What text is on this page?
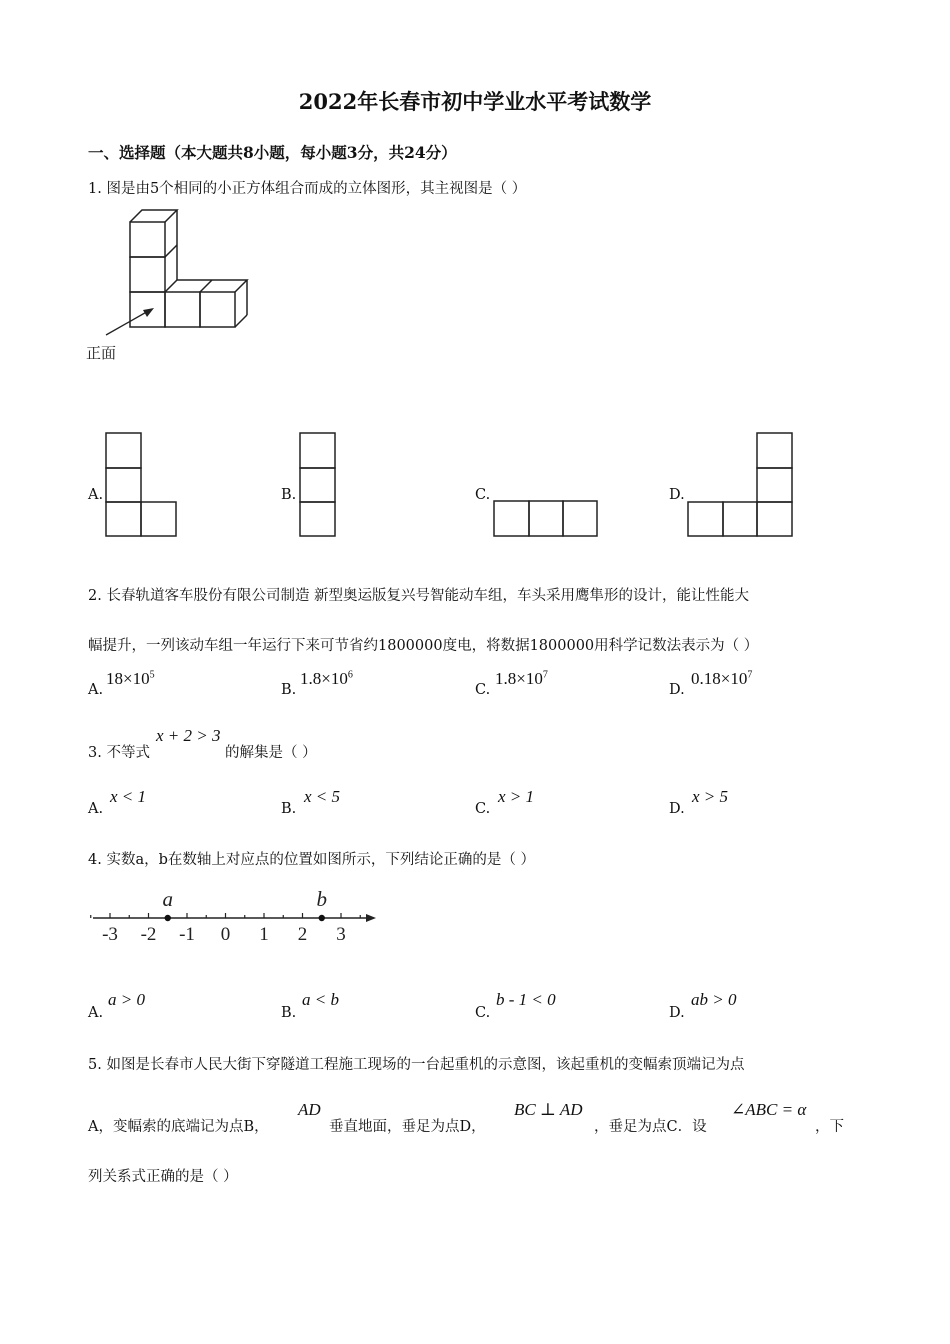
2022年长春市初中学业水平考试数学
一、选择题（本大题共8小题，每小题3分，共24分）
1. 图是由5个相同的小正方体组合而成的立体图形，其主视图是（ ）
正面
A.	B.	C.	D.
2. 长春轨道客车股份有限公司制造 新型奥运版复兴号智能动车组，车头采用鹰隼形的设计，能让性能大
幅提升，一列该动车组一年运行下来可节省约1800000度电，将数据1800000用科学记数法表示为（ ）
A.
$18\times 10^5$
B.
$1.8\times 10^6$
C.
$1.8\times 10^7$
D.
$0.18\times 10^7$
3. 不等式
x + 2 > 3
的解集是（ ）
A.
x < 1
B.
x < 5
C.
x > 1
D.
x > 5
4. 实数a，b在数轴上对应点的位置如图所示，下列结论正确的是（ ）
-3 -2 -1 0 1 2 3
a	b
A.
a > 0
B.
a < b
C.
b - 1 < 0
D.
ab > 0
5. 如图是长春市人民大街下穿隧道工程施工现场的一台起重机的示意图，该起重机的变幅索顶端记为点
A，变幅索的底端记为点B，
AD
垂直地面，垂足为点D，
BC ⊥ AD
，垂足为点C．设
∠ABC = α
，下
列关系式正确的是（ ）
